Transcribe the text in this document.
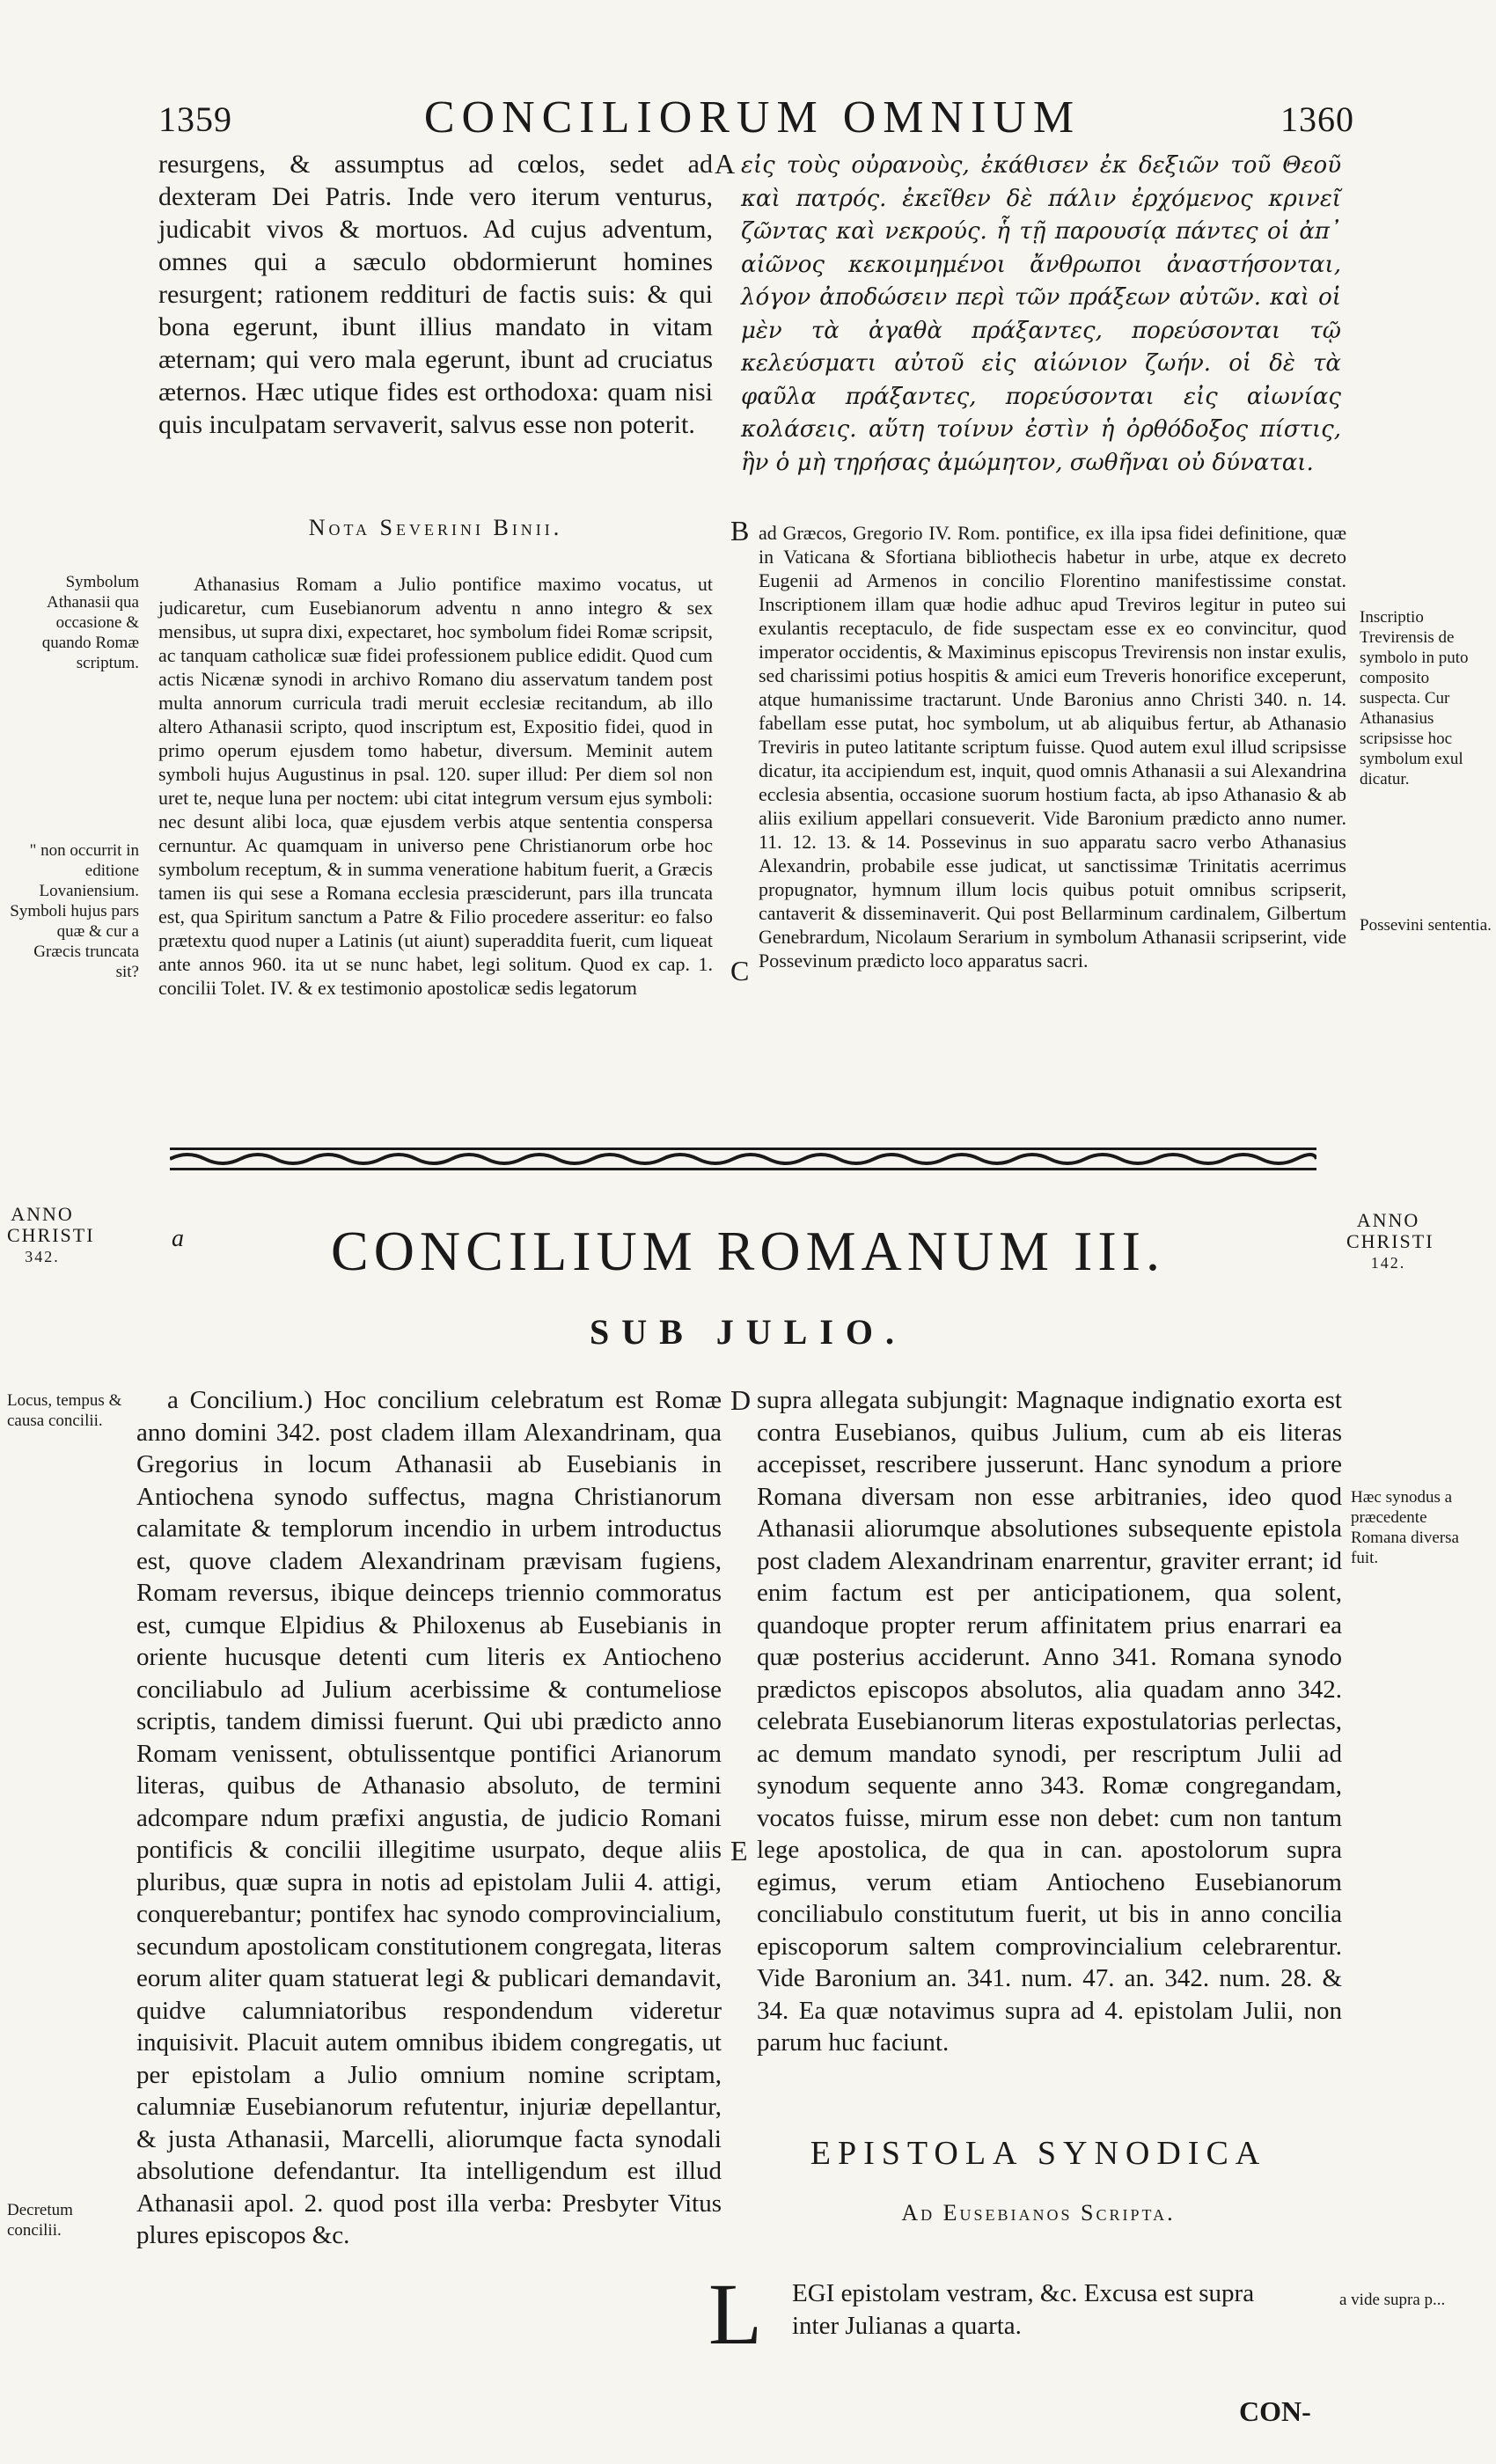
1359	CONCILIORUM OMNIUM	1360

resurgens, & assumptus ad cœlos, sedet ad dexteram Dei Patris. Inde vero iterum venturus, judicabit vivos & mortuos. Ad cujus adventum, omnes qui a sæculo obdormierunt homines resurgent; rationem reddituri de factis suis: & qui bona egerunt, ibunt illius mandato in vitam æternam; qui vero mala egerunt, ibunt ad cruciatus æternos. Hæc utique fides est orthodoxa: quam nisi quis inculpatam servaverit, salvus esse non poterit.

A εἰς τοὺς οὐρανοὺς, ἐκάθισεν ἐκ δεξιῶν τοῦ Θεοῦ καὶ πατρός. ἐκεῖθεν δὲ πάλιν ἐρχόμενος κρινεῖ ζῶντας καὶ νεκρούς. ἧ τῇ παρουσίᾳ πάντες οἱ ἀπ᾽ αἰῶνος κεκοιμημένοι ἄνθρωποι ἀναστήσονται, λόγον ἀποδώσειν περὶ τῶν πράξεων αὐτῶν. καὶ οἱ μὲν τὰ ἀγαθὰ πράξαντες, πορεύσονται τῷ κελεύσματι αὐτοῦ εἰς αἰώνιον ζωήν. οἱ δὲ τὰ φαῦλα πράξαντες, πορεύσονται εἰς αἰωνίας κολάσεις. αὕτη τοίνυν ἐστὶν ἡ ὀρθόδοξος πίστις, ἣν ὁ μὴ τηρήσας ἀμώμητον, σωθῆναι οὐ δύναται.

Nota Severini Binii.
Symbolum Athanasii qua occasione & quando Romæ scriptum.
" non occurrit in editione Lovaniensium. Symboli hujus pars quæ & cur a Græcis truncata sit?

Athanasius Romam a Julio pontifice maximo vocatus, ut judicaretur, cum Eusebianorum adventu n anno integro & sex mensibus, ut supra dixi, expectaret, hoc symbolum fidei Romæ scripsit, ac tanquam catholicæ suæ fidei professionem publice edidit. Quod cum actis Nicænæ synodi in archivo Romano diu asservatum tandem post multa annorum curricula tradi meruit ecclesiæ recitandum, ab illo altero Athanasii scripto, quod inscriptum est, Expositio fidei, quod in primo operum ejusdem tomo habetur, diversum. Meminit autem symboli hujus Augustinus in psal. 120. super illud: Per diem sol non uret te, neque luna per noctem: ubi citat integrum versum ejus symboli: nec desunt alibi loca, quæ ejusdem verbis atque sententia conspersa cernuntur. Ac quamquam in universo pene Christianorum orbe hoc symbolum receptum, & in summa veneratione habitum fuerit, a Græcis tamen iis qui sese a Romana ecclesia præsciderunt, pars illa truncata est, qua Spiritum sanctum a Patre & Filio procedere asseritur: eo falso prætextu quod nuper a Latinis (ut aiunt) superaddita fuerit, cum liqueat ante annos 960. ita ut se nunc habet, legi solitum. Quod ex cap. 1. concilii Tolet. IV. & ex testimonio apostolicæ sedis legatorum

B ad Græcos, Gregorio IV. Rom. pontifice, ex illa ipsa fidei definitione, quæ in Vaticana & Sfortiana bibliothecis habetur in urbe, atque ex decreto Eugenii ad Armenos in concilio Florentino manifestissime constat. Inscriptionem illam quæ hodie adhuc apud Treviros legitur in puteo sui exulantis receptaculo, de fide suspectam esse ex eo convincitur, quod imperator occidentis, & Maximinus episcopus Trevirensis non instar exulis, sed charissimi potius hospitis & amici eum Treveris honorifice exceperunt, atque humanissime tractarunt. Unde Baronius anno Christi 340. n. 14. fabellam esse putat, hoc symbolum, ut ab aliquibus fertur, ab Athanasio Treviris in puteo latitante scriptum fuisse. Quod autem exul illud scripsisse dicatur, ita accipiendum est, inquit, quod omnis Athanasii a sui Alexandrina ecclesia absentia, occasione suorum hostium facta, ab ipso Athanasio & ab aliis exilium appellari consueverit. Vide Baronium prædicto anno numer. 11. 12. 13. & 14. Possevinus in suo apparatu sacro verbo Athanasius Alexandrin, probabile esse judicat, ut sanctissimæ Trinitatis acerrimus propugnator, hymnum illum locis quibus potuit omnibus scripserit, cantaverit & disseminaverit. Qui post Bellarminum cardinalem, Gilbertum Genebrardum, Nicolaum Serarium in symbolum Athanasii scripserint, vide Possevinum prædicto loco apparatus sacri.

C
Inscriptio Trevirensis de symbolo in puto composito suspecta. Cur Athanasius scripsisse hoc symbolum exul dicatur.
Possevini sententia.
ANNO
CHRISTI
342.
ANNO
CHRISTI
142.
a	CONCILIUM ROMANUM III.
SUB JULIO.
Locus, tempus & causa concilii.
Decretum concilii.

a Concilium.) Hoc concilium celebratum est Romæ anno domini 342. post cladem illam Alexandrinam, qua Gregorius in locum Athanasii ab Eusebianis in Antiochena synodo suffectus, magna Christianorum calamitate & templorum incendio in urbem introductus est, quove cladem Alexandrinam prævisam fugiens, Romam reversus, ibique deinceps triennio commoratus est, cumque Elpidius & Philoxenus ab Eusebianis in oriente hucusque detenti cum literis ex Antiocheno conciliabulo ad Julium acerbissime & contumeliose scriptis, tandem dimissi fuerunt. Qui ubi prædicto anno Romam venissent, obtulissentque pontifici Arianorum literas, quibus de Athanasio absoluto, de termini adcompare ndum præfixi angustia, de judicio Romani pontificis & concilii illegitime usurpato, deque aliis pluribus, quæ supra in notis ad epistolam Julii 4. attigi, conquerebantur; pontifex hac synodo comprovincialium, secundum apostolicam constitutionem congregata, literas eorum aliter quam statuerat legi & publicari demandavit, quidve calumniatoribus respondendum videretur inquisivit. Placuit autem omnibus ibidem congregatis, ut per epistolam a Julio omnium nomine scriptam, calumniæ Eusebianorum refutentur, injuriæ depellantur, & justa Athanasii, Marcelli, aliorumque facta synodali absolutione defendantur. Ita intelligendum est illud Athanasii apol. 2. quod post illa verba: Presbyter Vitus plures episcopos &c.

D supra allegata subjungit: Magnaque indignatio exorta est contra Eusebianos, quibus Julium, cum ab eis literas accepisset, rescribere jusserunt. Hanc synodum a priore Romana diversam non esse arbitranies, ideo quod Athanasii aliorumque absolutiones subsequente epistola post cladem Alexandrinam enarrentur, graviter errant; id enim factum est per anticipationem, qua solent, quandoque propter rerum affinitatem prius enarrari ea quæ posterius acciderunt. Anno 341. Romana synodo prædictos episcopos absolutos, alia quadam anno 342. celebrata Eusebianorum literas expostulatorias perlectas, ac demum mandato synodi, per rescriptum Julii ad synodum sequente anno 343. Romæ congregandam, vocatos fuisse, mirum esse non debet: cum non tantum lege apostolica, de qua in can. apostolorum supra egimus, verum etiam Antiocheno Eusebianorum conciliabulo constitutum fuerit, ut bis in anno concilia episcoporum saltem comprovincialium celebrarentur. Vide Baronium an. 341. num. 47. an. 342. num. 28. & 34. Ea quæ notavimus supra ad 4. epistolam Julii, non parum huc faciunt.

E
Hæc synodus a præcedente Romana diversa fuit.
a vide supra p...
EPISTOLA SYNODICA
Ad Eusebianos Scripta.
L EGI epistolam vestram, &c. Excusa est supra inter Julianas a quarta.
CON-
